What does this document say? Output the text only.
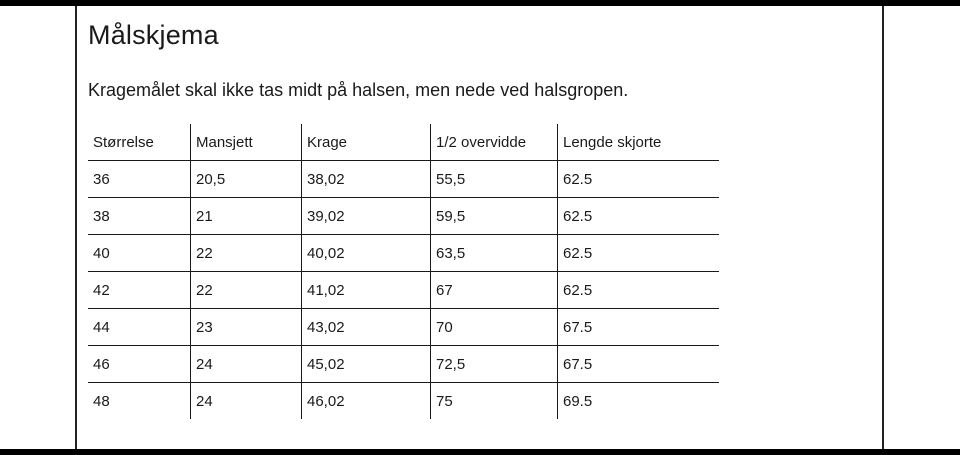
Målskjema

Kragemålet skal ikke tas midt på halsen, men nede ved halsgropen.

Størrelse	Mansjett	Krage	1/2 overvidde	Lengde skjorte
36	20,5	38,02	55,5	62.5
38	21	39,02	59,5	62.5
40	22	40,02	63,5	62.5
42	22	41,02	67	62.5
44	23	43,02	70	67.5
46	24	45,02	72,5	67.5
48	24	46,02	75	69.5
